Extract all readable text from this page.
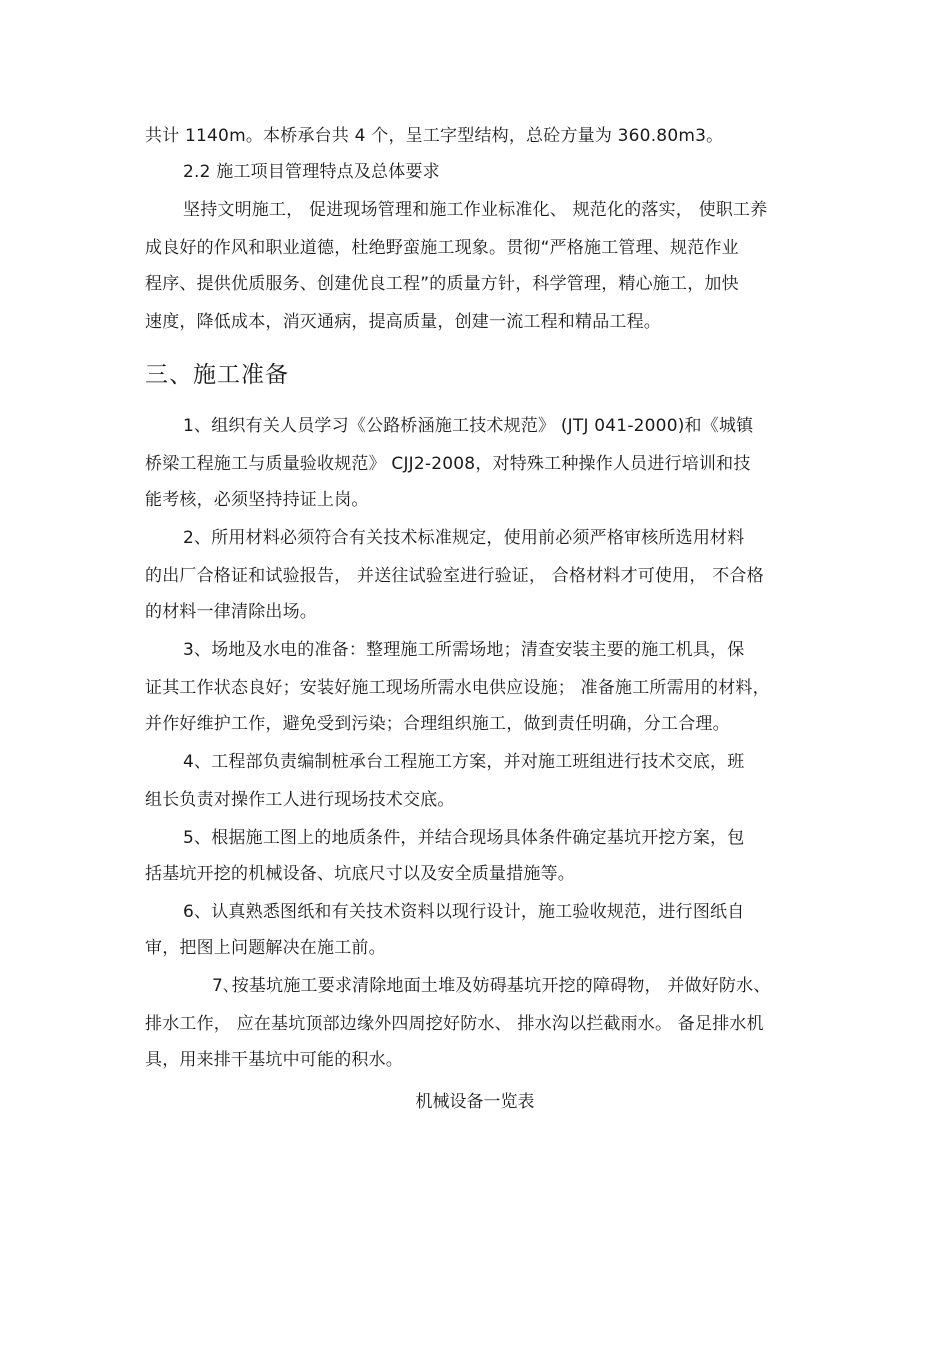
共计 1140m。本桥承台共 4 个，呈工字型结构，总砼方量为 360.80m3。
2.2 施工项目管理特点及总体要求
坚持文明施工， 促进现场管理和施工作业标准化、 规范化的落实， 使职工养
成良好的作风和职业道德，杜绝野蛮施工现象。贯彻“严格施工管理、规范作业
程序、提供优质服务、创建优良工程”的质量方针，科学管理，精心施工，加快
速度，降低成本，消灭通病，提高质量，创建一流工程和精品工程。
三、施工准备
1、组织有关人员学习《公路桥涵施工技术规范》 (JTJ 041-2000)和《城镇
桥梁工程施工与质量验收规范》 CJJ2-2008，对特殊工种操作人员进行培训和技
能考核，必须坚持持证上岗。
2、所用材料必须符合有关技术标准规定，使用前必须严格审核所选用材料
的出厂合格证和试验报告， 并送往试验室进行验证， 合格材料才可使用， 不合格
的材料一律清除出场。
3、场地及水电的准备：整理施工所需场地；清查安装主要的施工机具，保
证其工作状态良好；安装好施工现场所需水电供应设施； 准备施工所需用的材料，
并作好维护工作，避免受到污染；合理组织施工，做到责任明确，分工合理。
4、工程部负责编制桩承台工程施工方案，并对施工班组进行技术交底，班
组长负责对操作工人进行现场技术交底。
5、根据施工图上的地质条件，并结合现场具体条件确定基坑开挖方案，包
括基坑开挖的机械设备、坑底尺寸以及安全质量措施等。
6、认真熟悉图纸和有关技术资料以现行设计，施工验收规范，进行图纸自
审，把图上问题解决在施工前。
7､按基坑施工要求清除地面土堆及妨碍基坑开挖的障碍物， 并做好防水、
排水工作， 应在基坑顶部边缘外四周挖好防水、 排水沟以拦截雨水。 备足排水机
具，用来排干基坑中可能的积水。
机械设备一览表
